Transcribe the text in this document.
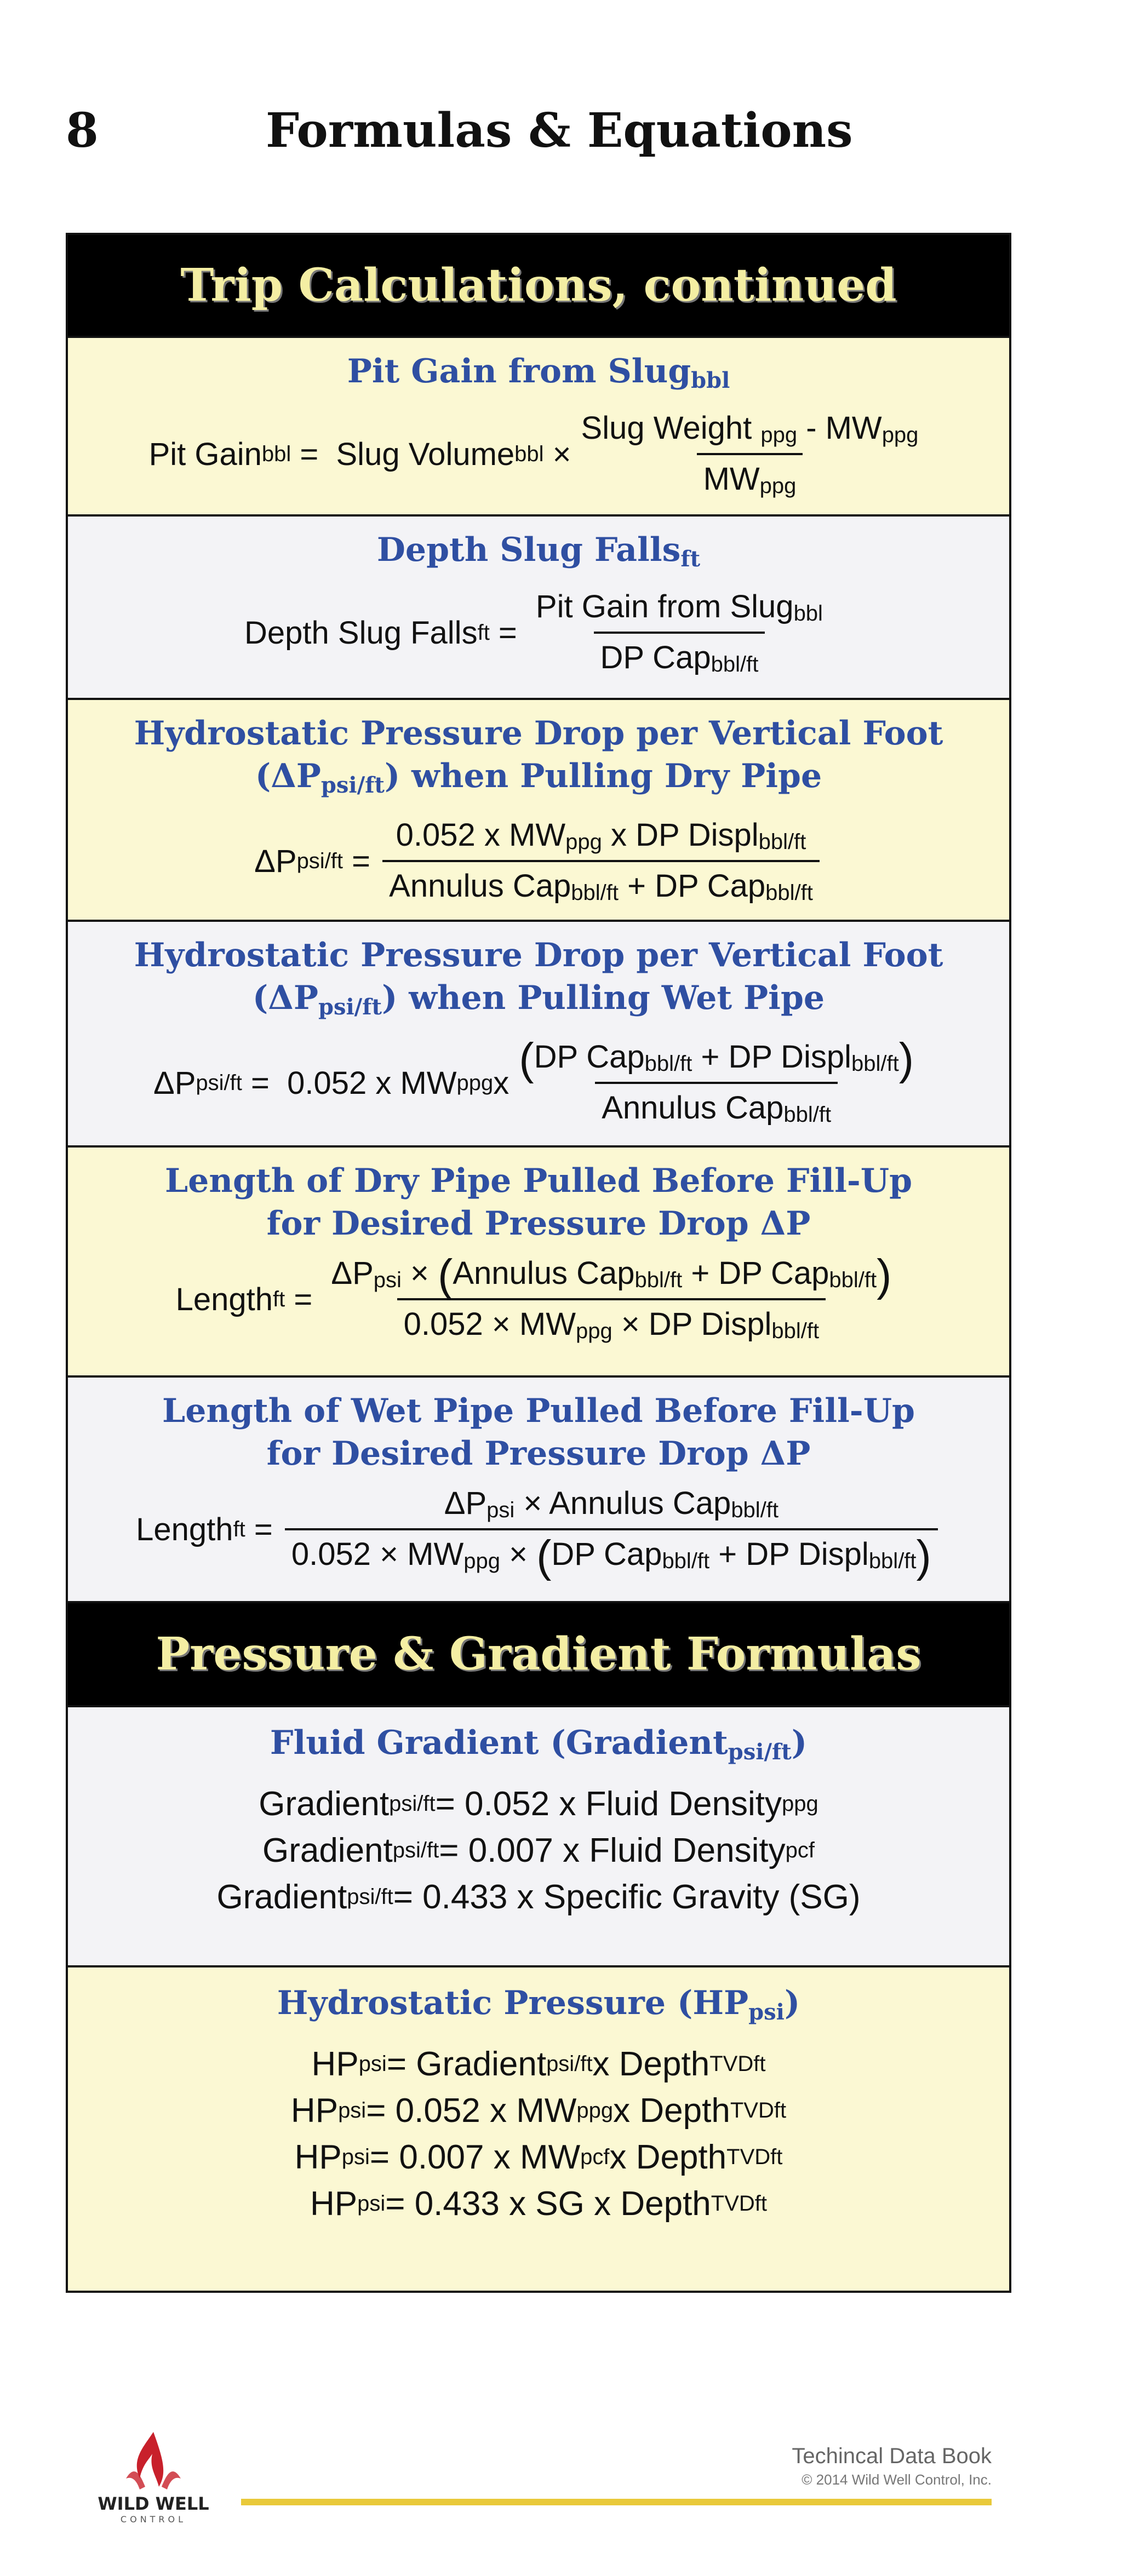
8	Formulas & Equations
Trip Calculations, continued
Pit Gain from Slug$_{bbl}$
Pit Gain bbl = Slug Volume bbl × $\frac{Slug Weight _{ppg} - MW_{ppg}}{MW_{ppg}}$
Depth Slug Falls$_{ft}$
Depth Slug Falls ft = $\frac{Pit Gain from Slug_{bbl}}{DP Cap_{bbl/ft}}$
Hydrostatic Pressure Drop per Vertical Foot
$(\Delta P_{psi/ft})$ when Pulling Dry Pipe
ΔP $psi/ft = \frac{0.052 x MW_{ppg} x DP Displ_{bbl/ft}}{Annulus Cap_{bbl/ft} + DP Cap_{bbl/ft}}$
Hydrostatic Pressure Drop per Vertical Foot
$(\Delta P_{psi/ft})$ when Pulling Wet Pipe
ΔP psi/ft = 0.052 x MW ppg x $\frac{(DP Cap_{bbl/ft} + DP Displ_{bbl/ft})}{Annulus Cap_{bbl/ft}}$
Length of Dry Pipe Pulled Before Fill-Up
for Desired Pressure Drop ΔP
Length ft = $\frac{\Delta P_{psi} \times (Annulus Cap_{bbl/ft} + DP Cap_{bbl/ft})}{0.052 \times MW_{ppg} \times DP Displ_{bbl/ft}}$
Length of Wet Pipe Pulled Before Fill-Up
for Desired Pressure Drop ΔP
Length ft = $\frac{\Delta P_{psi} \times Annulus Cap_{bbl/ft}}{0.052 \times MW_{ppg} \times (DP Cap_{bbl/ft} + DP Displ_{bbl/ft})}$
Pressure & Gradient Formulas
Fluid Gradient (Gradient$_{psi/ft}$)
Gradient psi/ft = 0.052 x Fluid Density ppg
Gradient psi/ft = 0.007 x Fluid Density pcf
Gradient psi/ft = 0.433 x Specific Gravity (SG)
Hydrostatic Pressure $(HP_{psi})$
HP psi = Gradient psi/ft x Depth TVDft
HP psi = 0.052 x MW ppg x Depth TVDft
HP psi = 0.007 x MW pcf x Depth TVDft
HP psi = 0.433 x SG x Depth TVDft
WILD WELL
CONTROL
Techincal Data Book
© 2014 Wild Well Control, Inc.
